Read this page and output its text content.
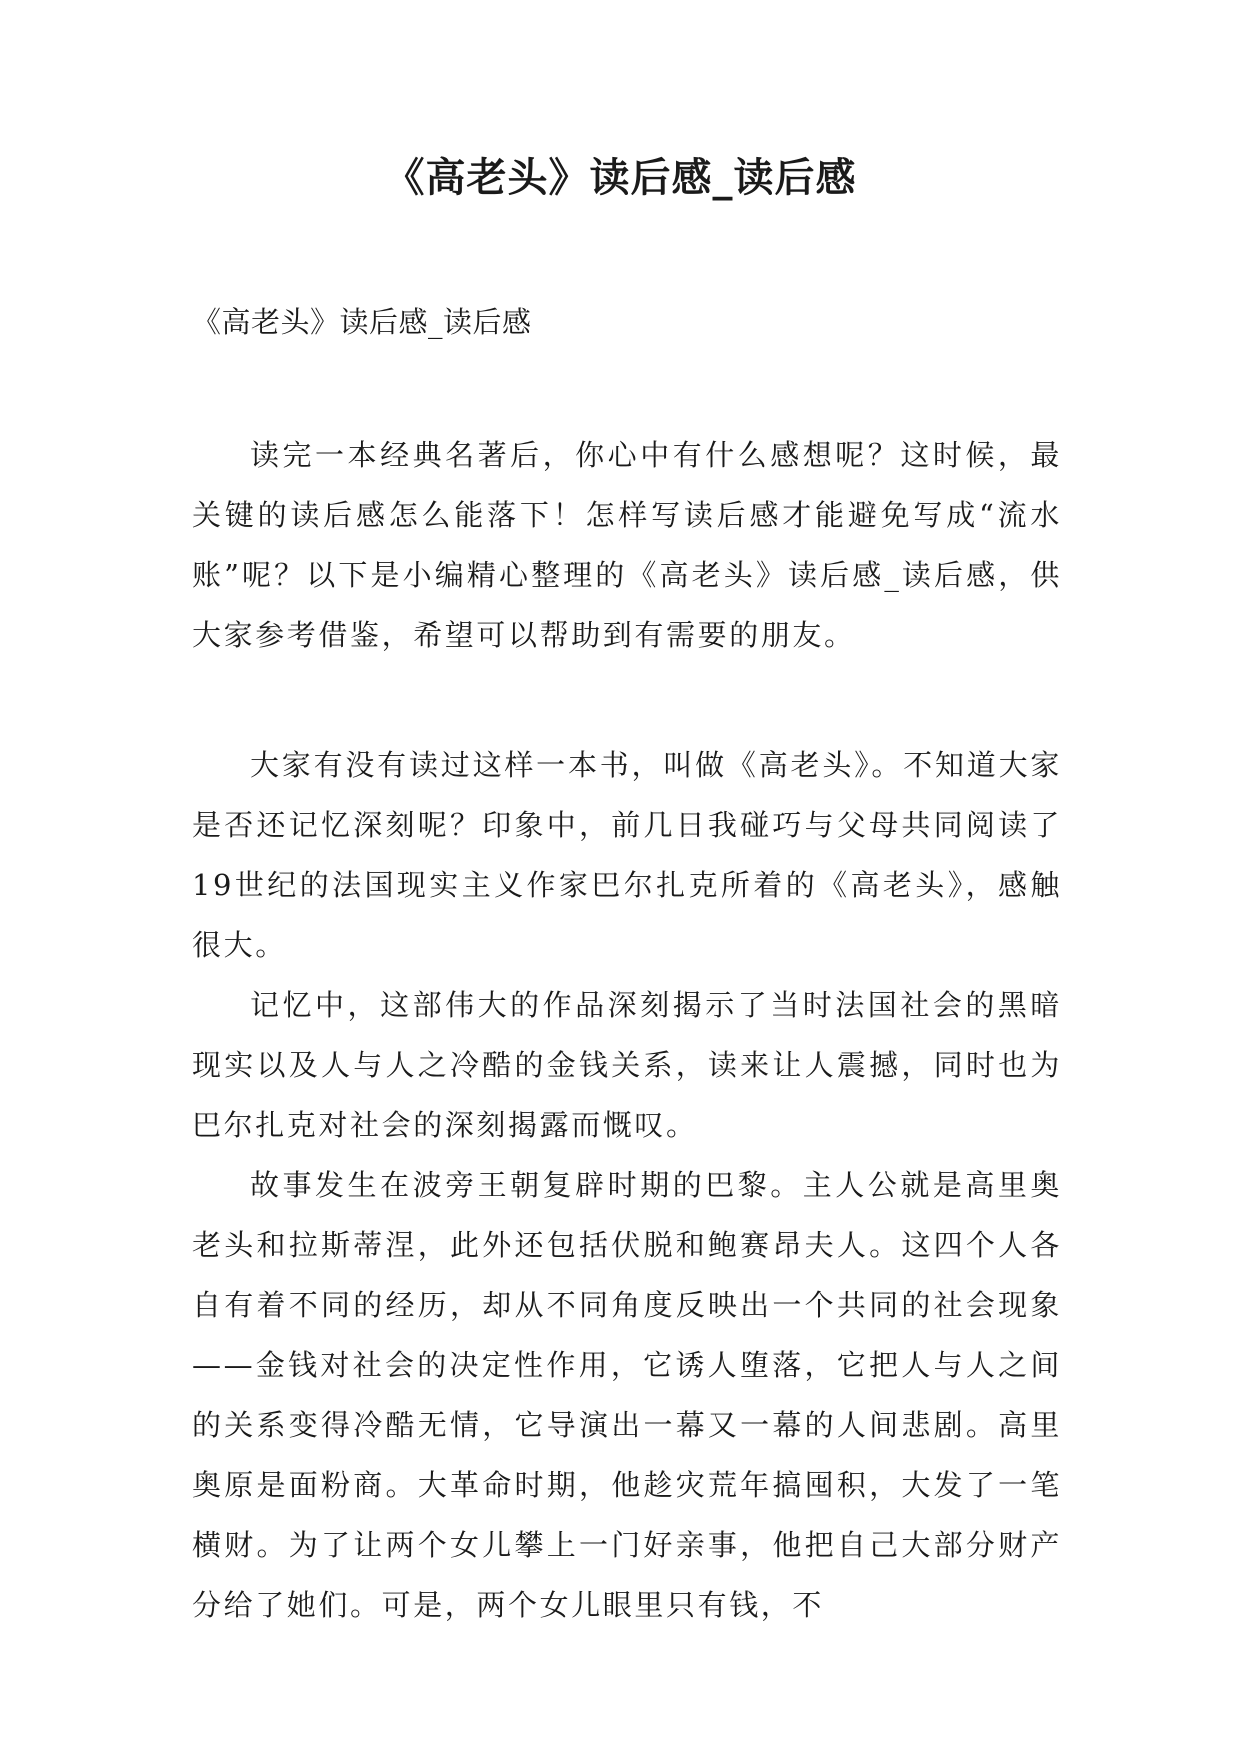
《高老头》读后感_读后感

《高老头》读后感_读后感

读完一本经典名著后，你心中有什么感想呢？这时候，最关键的读后感怎么能落下！怎样写读后感才能避免写成“流水账”呢？以下是小编精心整理的《高老头》读后感_读后感，供大家参考借鉴，希望可以帮助到有需要的朋友。

大家有没有读过这样一本书，叫做《高老头》。不知道大家是否还记忆深刻呢？印象中，前几日我碰巧与父母共同阅读了19世纪的法国现实主义作家巴尔扎克所着的《高老头》，感触很大。

记忆中，这部伟大的作品深刻揭示了当时法国社会的黑暗现实以及人与人之冷酷的金钱关系，读来让人震撼，同时也为巴尔扎克对社会的深刻揭露而慨叹。

故事发生在波旁王朝复辟时期的巴黎。主人公就是高里奥老头和拉斯蒂涅，此外还包括伏脱和鲍赛昂夫人。这四个人各自有着不同的经历，却从不同角度反映出一个共同的社会现象——金钱对社会的决定性作用，它诱人堕落，它把人与人之间的关系变得冷酷无情，它导演出一幕又一幕的人间悲剧。高里奥原是面粉商。大革命时期，他趁灾荒年搞囤积，大发了一笔横财。为了让两个女儿攀上一门好亲事，他把自己大部分财产分给了她们。可是，两个女儿眼里只有钱，不
